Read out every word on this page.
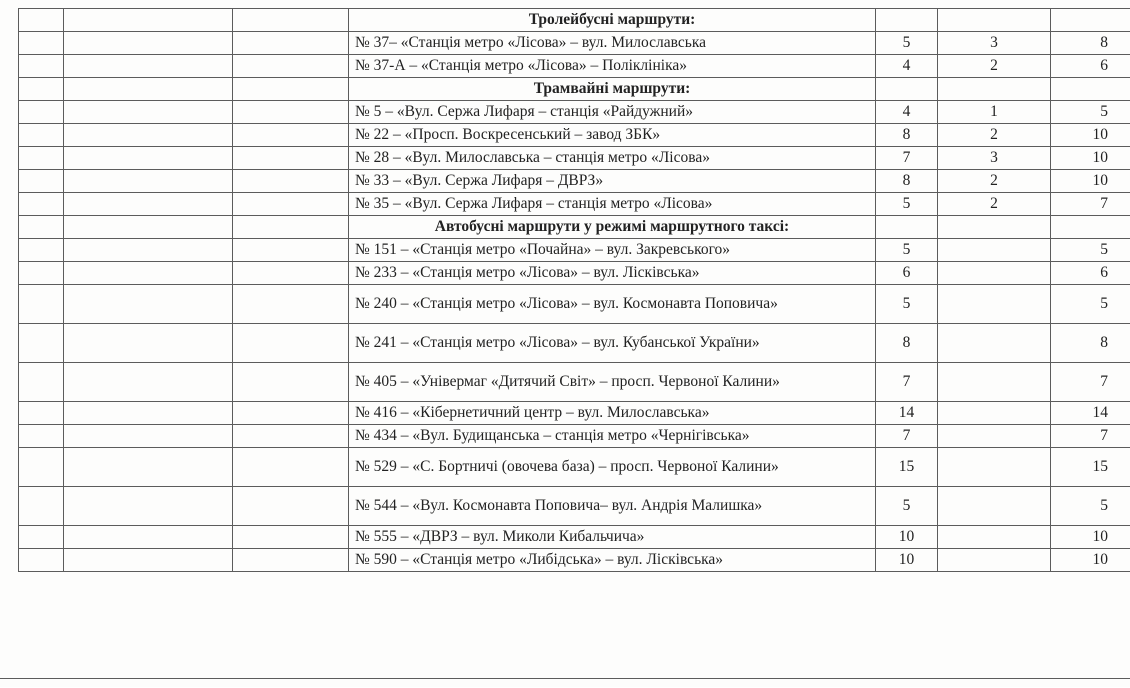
			Тролейбусні маршрути:			
			№ 37– «Станція метро «Лісова» – вул. Милославська	5	3	8
			№ 37-А – «Станція метро «Лісова» – Поліклініка»	4	2	6
			Трамвайні маршрути:			
			№ 5 – «Вул. Сержа Лифаря – станція «Райдужний»	4	1	5
			№ 22 – «Просп. Воскресенський – завод ЗБК»	8	2	10
			№ 28 – «Вул. Милославська – станція метро «Лісова»	7	3	10
			№ 33 – «Вул. Сержа Лифаря – ДВРЗ»	8	2	10
			№ 35 – «Вул. Сержа Лифаря – станція метро «Лісова»	5	2	7
			Автобусні маршрути у режимі маршрутного таксі:			
			№ 151 – «Станція метро «Почайна» – вул. Закревського»	5		5
			№ 233 – «Станція метро «Лісова» – вул. Лісківська»	6		6
			№ 240 – «Станція метро «Лісова» – вул. Космонавта Поповича»	5		5
			№ 241 – «Станція метро «Лісова» – вул. Кубанської України»	8		8
			№ 405 – «Універмаг «Дитячий Світ» – просп. Червоної Калини»	7		7
			№ 416 – «Кібернетичний центр – вул. Милославська»	14		14
			№ 434 – «Вул. Будищанська – станція метро «Чернігівська»	7		7
			№ 529 – «С. Бортничі (овочева база) – просп. Червоної Калини»	15		15
			№ 544 – «Вул. Космонавта Поповича– вул. Андрія Малишка»	5		5
			№ 555 – «ДВРЗ – вул. Миколи Кибальчича»	10		10
			№ 590 – «Станція метро «Либідська» – вул. Лісківська»	10		10
